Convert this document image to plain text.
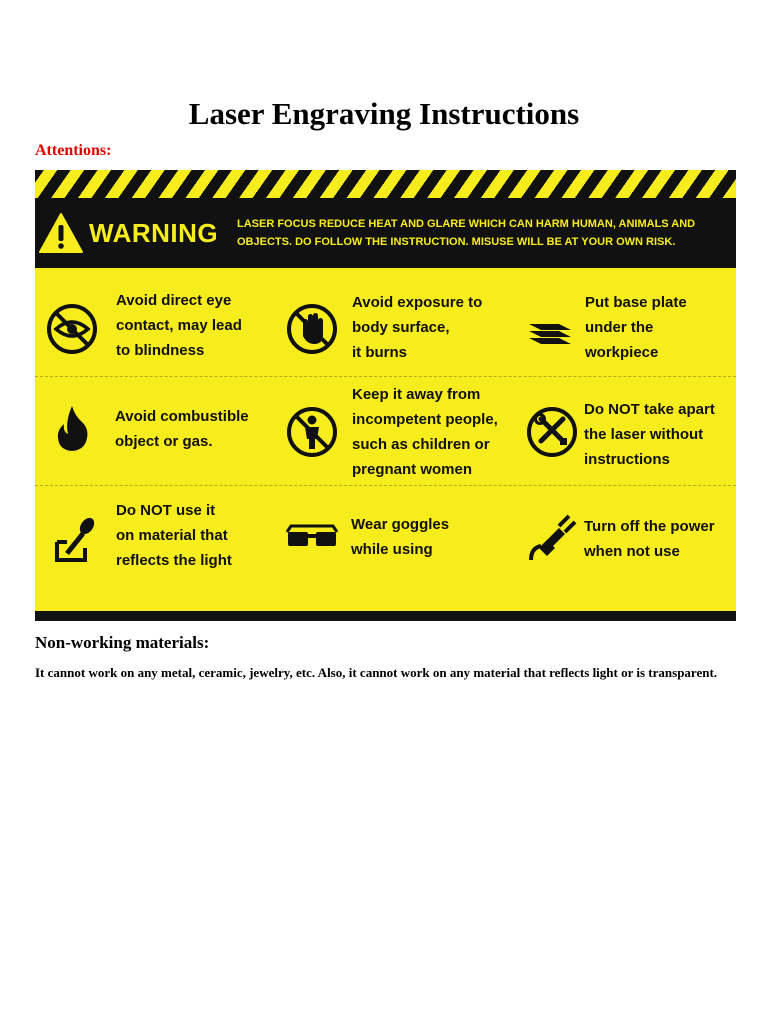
Laser Engraving Instructions
Attentions:
WARNING LASER FOCUS REDUCE HEAT AND GLARE WHICH CAN HARM HUMAN, ANIMALS AND OBJECTS. DO FOLLOW THE INSTRUCTION. MISUSE WILL BE AT YOUR OWN RISK.
Avoid direct eye
contact, may lead
to blindness
Avoid exposure to
body surface,
it burns
Put base plate
under the
workpiece
Avoid combustible
object or gas.
Keep it away from
incompetent people,
such as children or
pregnant women
Do NOT take apart
the laser without
instructions
Do NOT use it
on material that
reflects the light
Wear goggles
while using
Turn off the power
when not use
Non-working materials:
It cannot work on any metal, ceramic, jewelry, etc. Also, it cannot work on any material that reflects light or is transparent.
